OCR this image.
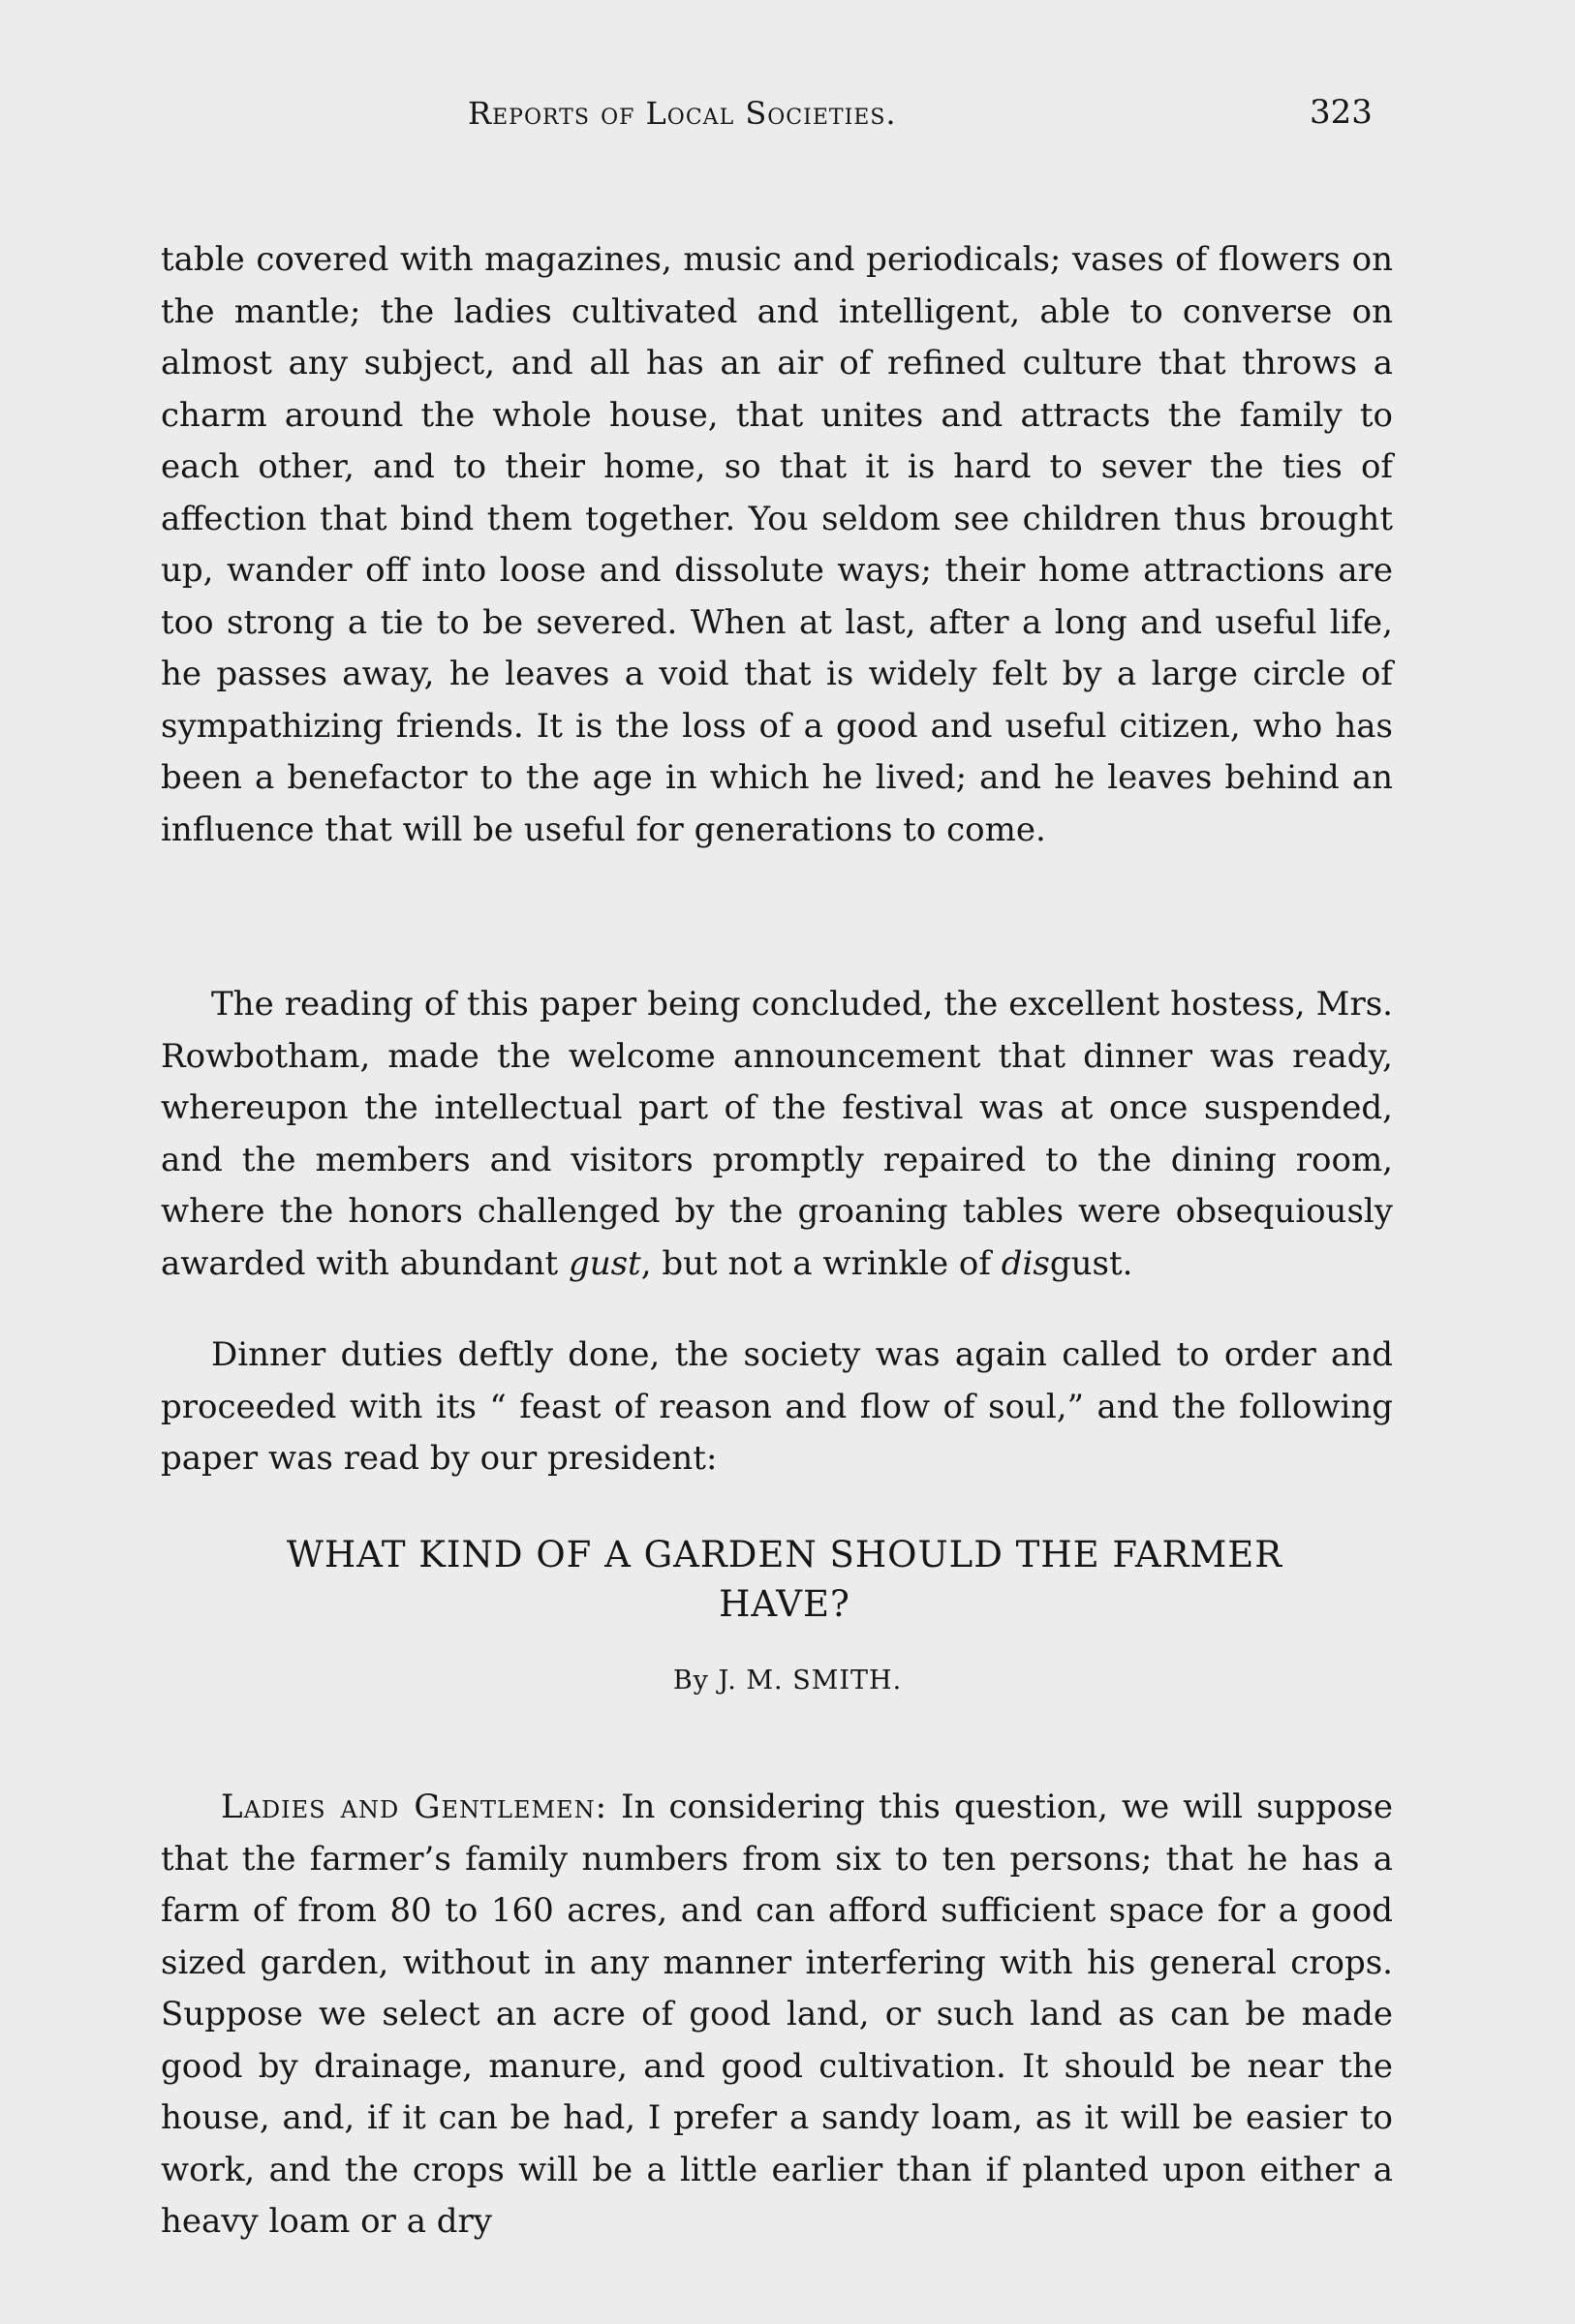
Reports of Local Societies.	323

table covered with magazines, music and periodicals; vases of flowers on the mantle; the ladies cultivated and intelligent, able to converse on almost any subject, and all has an air of refined culture that throws a charm around the whole house, that unites and attracts the family to each other, and to their home, so that it is hard to sever the ties of affection that bind them together. You seldom see children thus brought up, wander off into loose and dissolute ways; their home attractions are too strong a tie to be severed. When at last, after a long and useful life, he passes away, he leaves a void that is widely felt by a large circle of sympathizing friends. It is the loss of a good and useful citizen, who has been a benefactor to the age in which he lived; and he leaves behind an influence that will be useful for generations to come.

The reading of this paper being concluded, the excellent hostess, Mrs. Rowbotham, made the welcome announcement that dinner was ready, whereupon the intellectual part of the festival was at once suspended, and the members and visitors promptly repaired to the dining room, where the honors challenged by the groaning tables were obsequiously awarded with abundant gust, but not a wrinkle of disgust.

Dinner duties deftly done, the society was again called to order and proceeded with its “ feast of reason and flow of soul,” and the following paper was read by our president:

WHAT KIND OF A GARDEN SHOULD THE FARMER
HAVE?
By J. M. SMITH.

Ladies and Gentlemen: In considering this question, we will suppose that the farmer’s family numbers from six to ten persons; that he has a farm of from 80 to 160 acres, and can afford sufficient space for a good sized garden, without in any manner interfering with his general crops. Suppose we select an acre of good land, or such land as can be made good by drainage, manure, and good cultivation. It should be near the house, and, if it can be had, I prefer a sandy loam, as it will be easier to work, and the crops will be a little earlier than if planted upon either a heavy loam or a dry
